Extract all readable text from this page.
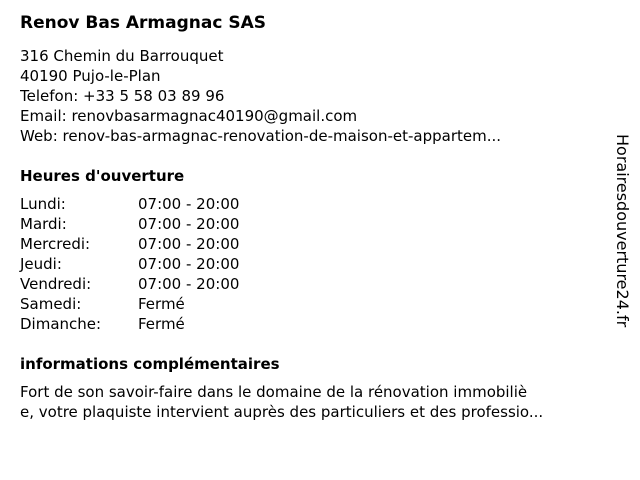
Renov Bas Armagnac SAS
316 Chemin du Barrouquet
40190 Pujo-le-Plan
Telefon: +33 5 58 03 89 96
Email: renovbasarmagnac40190@gmail.com
Web: renov-bas-armagnac-renovation-de-maison-et-appartem...
Heures d'ouverture
Lundi:	07:00 - 20:00
Mardi:	07:00 - 20:00
Mercredi:	07:00 - 20:00
Jeudi:	07:00 - 20:00
Vendredi:	07:00 - 20:00
Samedi:	Fermé
Dimanche:	Fermé
informations complémentaires
Fort de son savoir-faire dans le domaine de la rénovation immobiliè
e, votre plaquiste intervient auprès des particuliers et des professio...
Horairesdouverture24.fr
